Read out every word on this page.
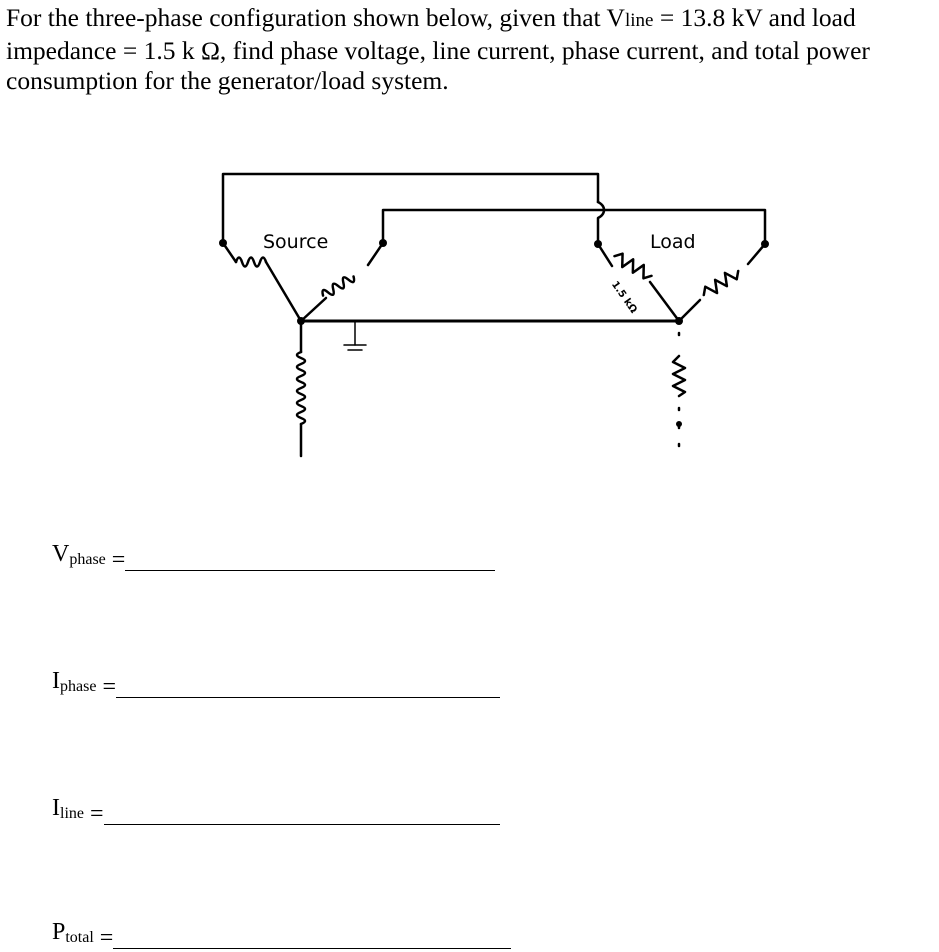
For the three-phase configuration shown below, given that Vline = 13.8 kV and load
impedance = 1.5 k Ω, find phase voltage, line current, phase current, and total power
consumption for the generator/load system.
Source	Load
1.5 kΩ
$V_{phase}$ =
$I_{phase}$ =
$I_{line}$ =
$P_{total}$ =
